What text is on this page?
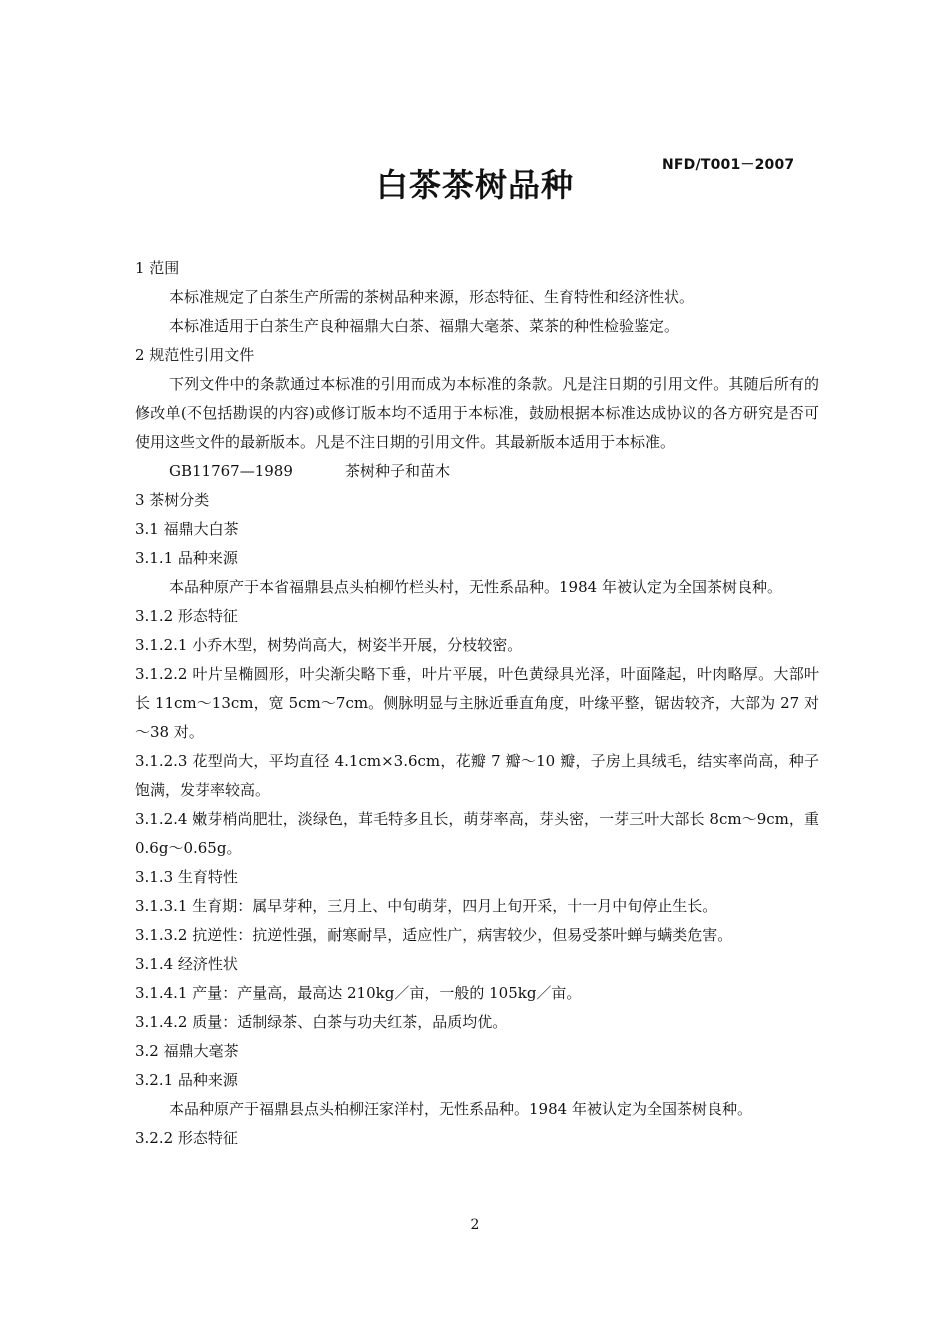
NFD/T001－2007
白茶茶树品种
1 范围
本标准规定了白茶生产所需的茶树品种来源，形态特征、生育特性和经济性状。
本标准适用于白茶生产良种福鼎大白茶、福鼎大毫茶、菜茶的种性检验鉴定。
2 规范性引用文件
下列文件中的条款通过本标准的引用而成为本标准的条款。凡是注日期的引用文件。其随后所有的修改单(不包括勘误的内容)或修订版本均不适用于本标准，鼓励根据本标准达成协议的各方研究是否可使用这些文件的最新版本。凡是不注日期的引用文件。其最新版本适用于本标准。
GB11767—1989	茶树种子和苗木
3 茶树分类
3.1 福鼎大白茶
3.1.1 品种来源
本品种原产于本省福鼎县点头柏柳竹栏头村，无性系品种。1984 年被认定为全国茶树良种。
3.1.2 形态特征
3.1.2.1 小乔木型，树势尚高大，树姿半开展，分枝较密。
3.1.2.2 叶片呈椭圆形，叶尖渐尖略下垂，叶片平展，叶色黄绿具光泽，叶面隆起，叶肉略厚。大部叶长 11cm～13cm，宽 5cm～7cm。侧脉明显与主脉近垂直角度，叶缘平整，锯齿较齐，大部为 27 对～38 对。
3.1.2.3 花型尚大，平均直径 4.1cm×3.6cm，花瓣 7 瓣～10 瓣，子房上具绒毛，结实率尚高，种子饱满，发芽率较高。
3.1.2.4 嫩芽梢尚肥壮，淡绿色，茸毛特多且长，萌芽率高，芽头密，一芽三叶大部长 8cm～9cm，重 0.6g～0.65g。
3.1.3 生育特性
3.1.3.1 生育期：属早芽种，三月上、中旬萌芽，四月上旬开采，十一月中旬停止生长。
3.1.3.2 抗逆性：抗逆性强，耐寒耐旱，适应性广，病害较少，但易受茶叶蝉与螨类危害。
3.1.4 经济性状
3.1.4.1 产量：产量高，最高达 210kg／亩，一般的 105kg／亩。
3.1.4.2 质量：适制绿茶、白茶与功夫红茶，品质均优。
3.2 福鼎大毫茶
3.2.1 品种来源
本品种原产于福鼎县点头柏柳汪家洋村，无性系品种。1984 年被认定为全国茶树良种。
3.2.2 形态特征
2
